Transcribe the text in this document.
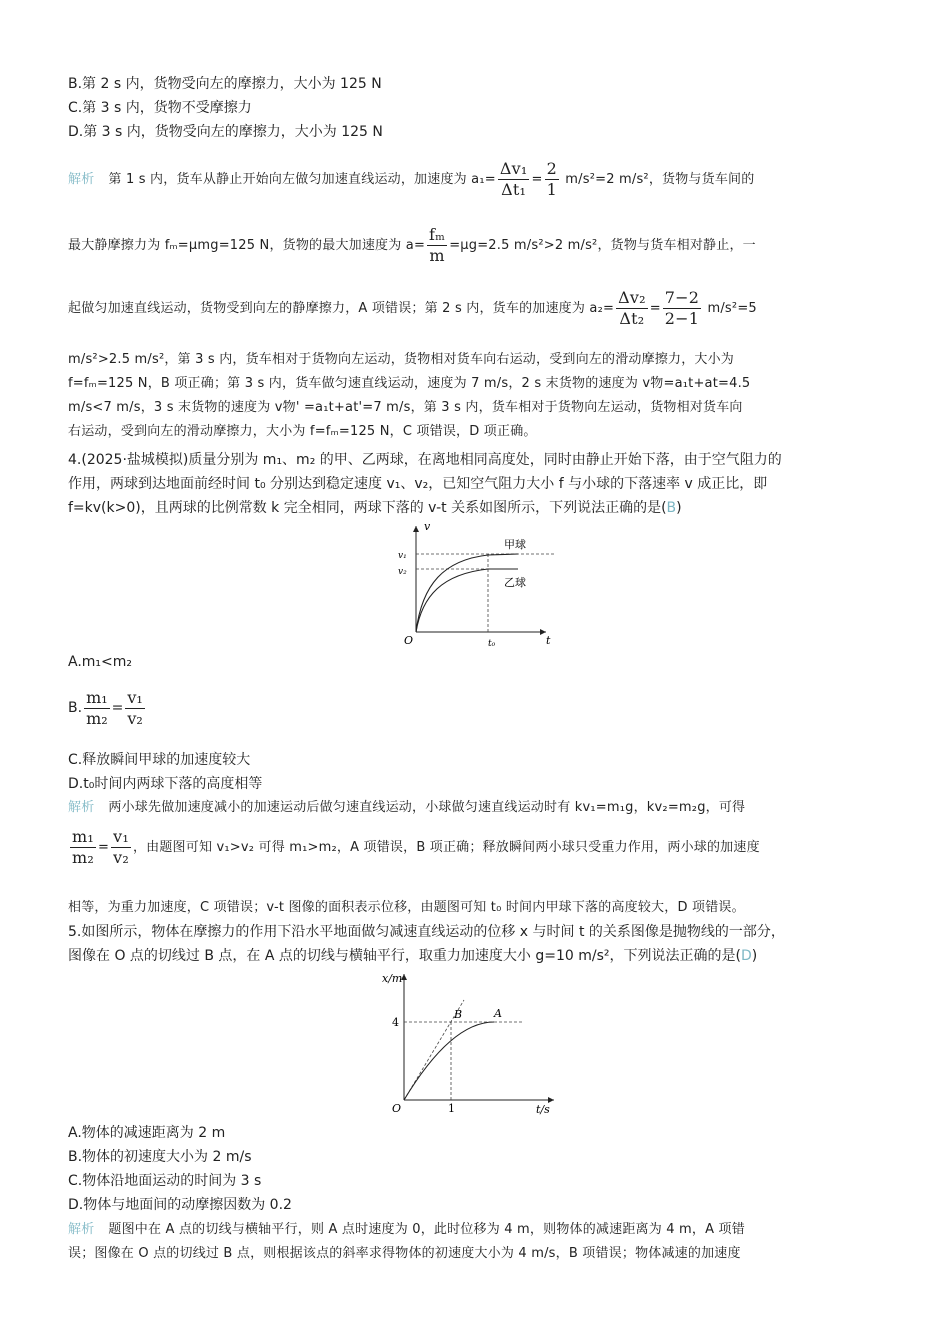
B.第 2 s 内，货物受向左的摩擦力，大小为 125 N
C.第 3 s 内，货物不受摩擦力
D.第 3 s 内，货物受向左的摩擦力，大小为 125 N
解析 第 1 s 内，货车从静止开始向左做匀加速直线运动，加速度为 $a_1= \frac{\text{Δv₁}}{\text{Δt₁}} = \frac{2}{1} m/s^2=2$ m/s²，货物与货车间的
最大静摩擦力为 fₘ=μmg=125 N，货物的最大加速度为 $a= \frac{\text{fₘ}}{m} =\mu g=2.5$ m/s²>2 m/s²，货物与货车相对静止，一
起做匀加速直线运动，货物受到向左的静摩擦力，A 项错误；第 2 s 内，货车的加速度为 $a_2= \frac{\text{Δv₂}}{\text{Δt₂}} = \frac{7-2}{2-1} m/s^2=5$
m/s²>2.5 m/s²，第 3 s 内，货车相对于货物向左运动，货物相对货车向右运动，受到向左的滑动摩擦力，大小为
f=fₘ=125 N，B 项正确；第 3 s 内，货车做匀速直线运动，速度为 7 m/s，2 s 末货物的速度为 v物=a₁t+at=4.5
m/s<7 m/s，3 s 末货物的速度为 v物' =a₁t+at'=7 m/s，第 3 s 内，货车相对于货物向左运动，货物相对货车向
右运动，受到向左的滑动摩擦力，大小为 f=fₘ=125 N，C 项错误，D 项正确。
4.(2025·盐城模拟)质量分别为 m₁、m₂ 的甲、乙两球，在离地相同高度处，同时由静止开始下落，由于空气阻力的
作用，两球到达地面前经时间 t₀ 分别达到稳定速度 v₁、v₂，已知空气阻力大小 f 与小球的下落速率 v 成正比，即
f=kv(k>0)，且两球的比例常数 k 完全相同，两球下落的 v-t 关系如图所示，下列说法正确的是(B)
v
t
O
v₁
v₂
t₀
甲球
乙球
A.m₁<m₂
B. $\frac{\text{m₁}}{\text{m₂}} = \frac{\text{v₁}}{\text{v₂}}$
C.释放瞬间甲球的加速度较大
D.t₀时间内两球下落的高度相等
解析 两小球先做加速度减小的加速运动后做匀速直线运动，小球做匀速直线运动时有 kv₁=m₁g，kv₂=m₂g，可得
$\frac{\text{m₁}}{\text{m₂}} = \frac{\text{v₁}}{\text{v₂}}$ ，由题图可知 v₁>v₂ 可得 m₁>m₂，A 项错误，B 项正确；释放瞬间两小球只受重力作用，两小球的加速度
相等，为重力加速度，C 项错误；v-t 图像的面积表示位移，由题图可知 t₀ 时间内甲球下落的高度较大，D 项错误。
5.如图所示，物体在摩擦力的作用下沿水平地面做匀减速直线运动的位移 x 与时间 t 的关系图像是抛物线的一部分，
图像在 O 点的切线过 B 点，在 A 点的切线与横轴平行，取重力加速度大小 g=10 m/s²，下列说法正确的是(D)
x/m
t/s
O
4
1
B	A
A.物体的减速距离为 2 m
B.物体的初速度大小为 2 m/s
C.物体沿地面运动的时间为 3 s
D.物体与地面间的动摩擦因数为 0.2
解析 题图中在 A 点的切线与横轴平行，则 A 点时速度为 0，此时位移为 4 m，则物体的减速距离为 4 m，A 项错
误；图像在 O 点的切线过 B 点，则根据该点的斜率求得物体的初速度大小为 4 m/s，B 项错误；物体减速的加速度
